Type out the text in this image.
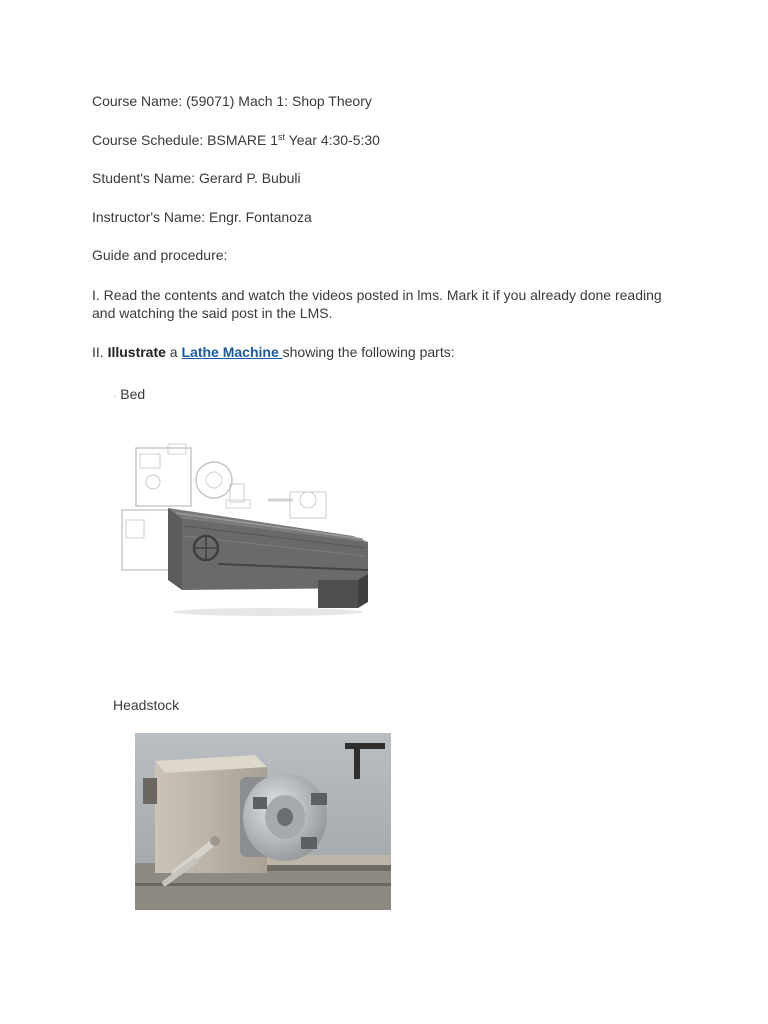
Course Name: (59071) Mach 1: Shop Theory
Course Schedule: BSMARE 1st Year 4:30-5:30
Student's Name: Gerard P. Bubuli
Instructor's Name: Engr. Fontanoza
Guide and procedure:
I. Read the contents and watch the videos posted in lms. Mark it if you already done reading and watching the said post in the LMS.
II. Illustrate a Lathe Machine showing the following parts:
· Bed
Headstock
